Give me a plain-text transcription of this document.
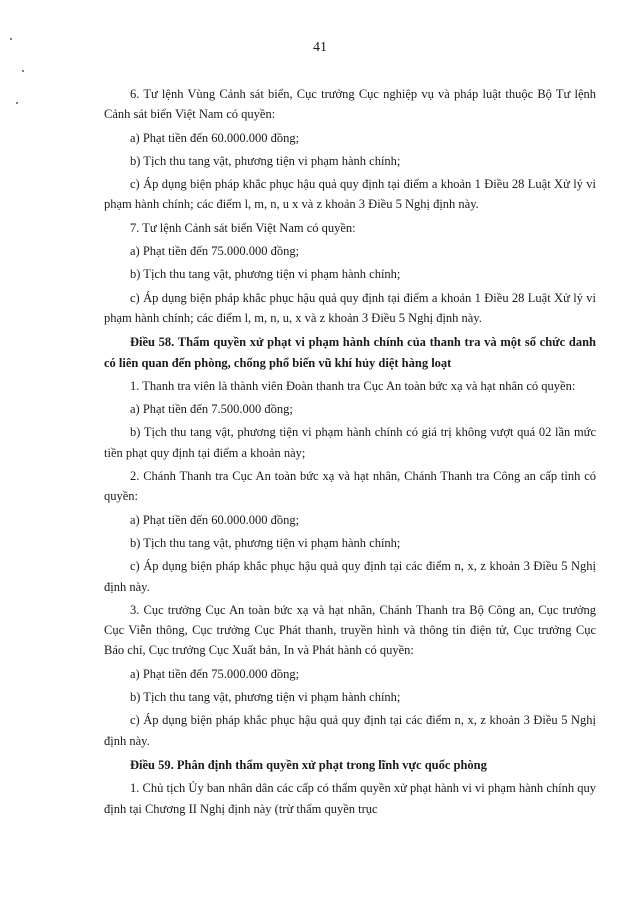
41

6. Tư lệnh Vùng Cảnh sát biển, Cục trưởng Cục nghiệp vụ và pháp luật thuộc Bộ Tư lệnh Cảnh sát biển Việt Nam có quyền:

a) Phạt tiền đến 60.000.000 đồng;

b) Tịch thu tang vật, phương tiện vi phạm hành chính;

c) Áp dụng biện pháp khắc phục hậu quả quy định tại điểm a khoản 1 Điều 28 Luật Xử lý vi phạm hành chính; các điểm l, m, n, u x và z khoản 3 Điều 5 Nghị định này.

7. Tư lệnh Cảnh sát biển Việt Nam có quyền:

a) Phạt tiền đến 75.000.000 đồng;

b) Tịch thu tang vật, phương tiện vi phạm hành chính;

c) Áp dụng biện pháp khắc phục hậu quả quy định tại điểm a khoản 1 Điều 28 Luật Xử lý vi phạm hành chính; các điểm l, m, n, u, x và z khoản 3 Điều 5 Nghị định này.

Điều 58. Thẩm quyền xử phạt vi phạm hành chính của thanh tra và một số chức danh có liên quan đến phòng, chống phổ biến vũ khí hủy diệt hàng loạt

1. Thanh tra viên là thành viên Đoàn thanh tra Cục An toàn bức xạ và hạt nhân có quyền:

a) Phạt tiền đến 7.500.000 đồng;

b) Tịch thu tang vật, phương tiện vi phạm hành chính có giá trị không vượt quá 02 lần mức tiền phạt quy định tại điểm a khoản này;

2. Chánh Thanh tra Cục An toàn bức xạ và hạt nhân, Chánh Thanh tra Công an cấp tỉnh có quyền:

a) Phạt tiền đến 60.000.000 đồng;

b) Tịch thu tang vật, phương tiện vi phạm hành chính;

c) Áp dụng biện pháp khắc phục hậu quả quy định tại các điểm n, x, z khoản 3 Điều 5 Nghị định này.

3. Cục trưởng Cục An toàn bức xạ và hạt nhân, Chánh Thanh tra Bộ Công an, Cục trưởng Cục Viễn thông, Cục trưởng Cục Phát thanh, truyền hình và thông tin điện tử, Cục trưởng Cục Báo chí, Cục trưởng Cục Xuất bản, In và Phát hành có quyền:

a) Phạt tiền đến 75.000.000 đồng;

b) Tịch thu tang vật, phương tiện vi phạm hành chính;

c) Áp dụng biện pháp khắc phục hậu quả quy định tại các điểm n, x, z khoản 3 Điều 5 Nghị định này.

Điều 59. Phân định thẩm quyền xử phạt trong lĩnh vực quốc phòng

1. Chủ tịch Ủy ban nhân dân các cấp có thẩm quyền xử phạt hành vi vi phạm hành chính quy định tại Chương II Nghị định này (trừ thẩm quyền trục
